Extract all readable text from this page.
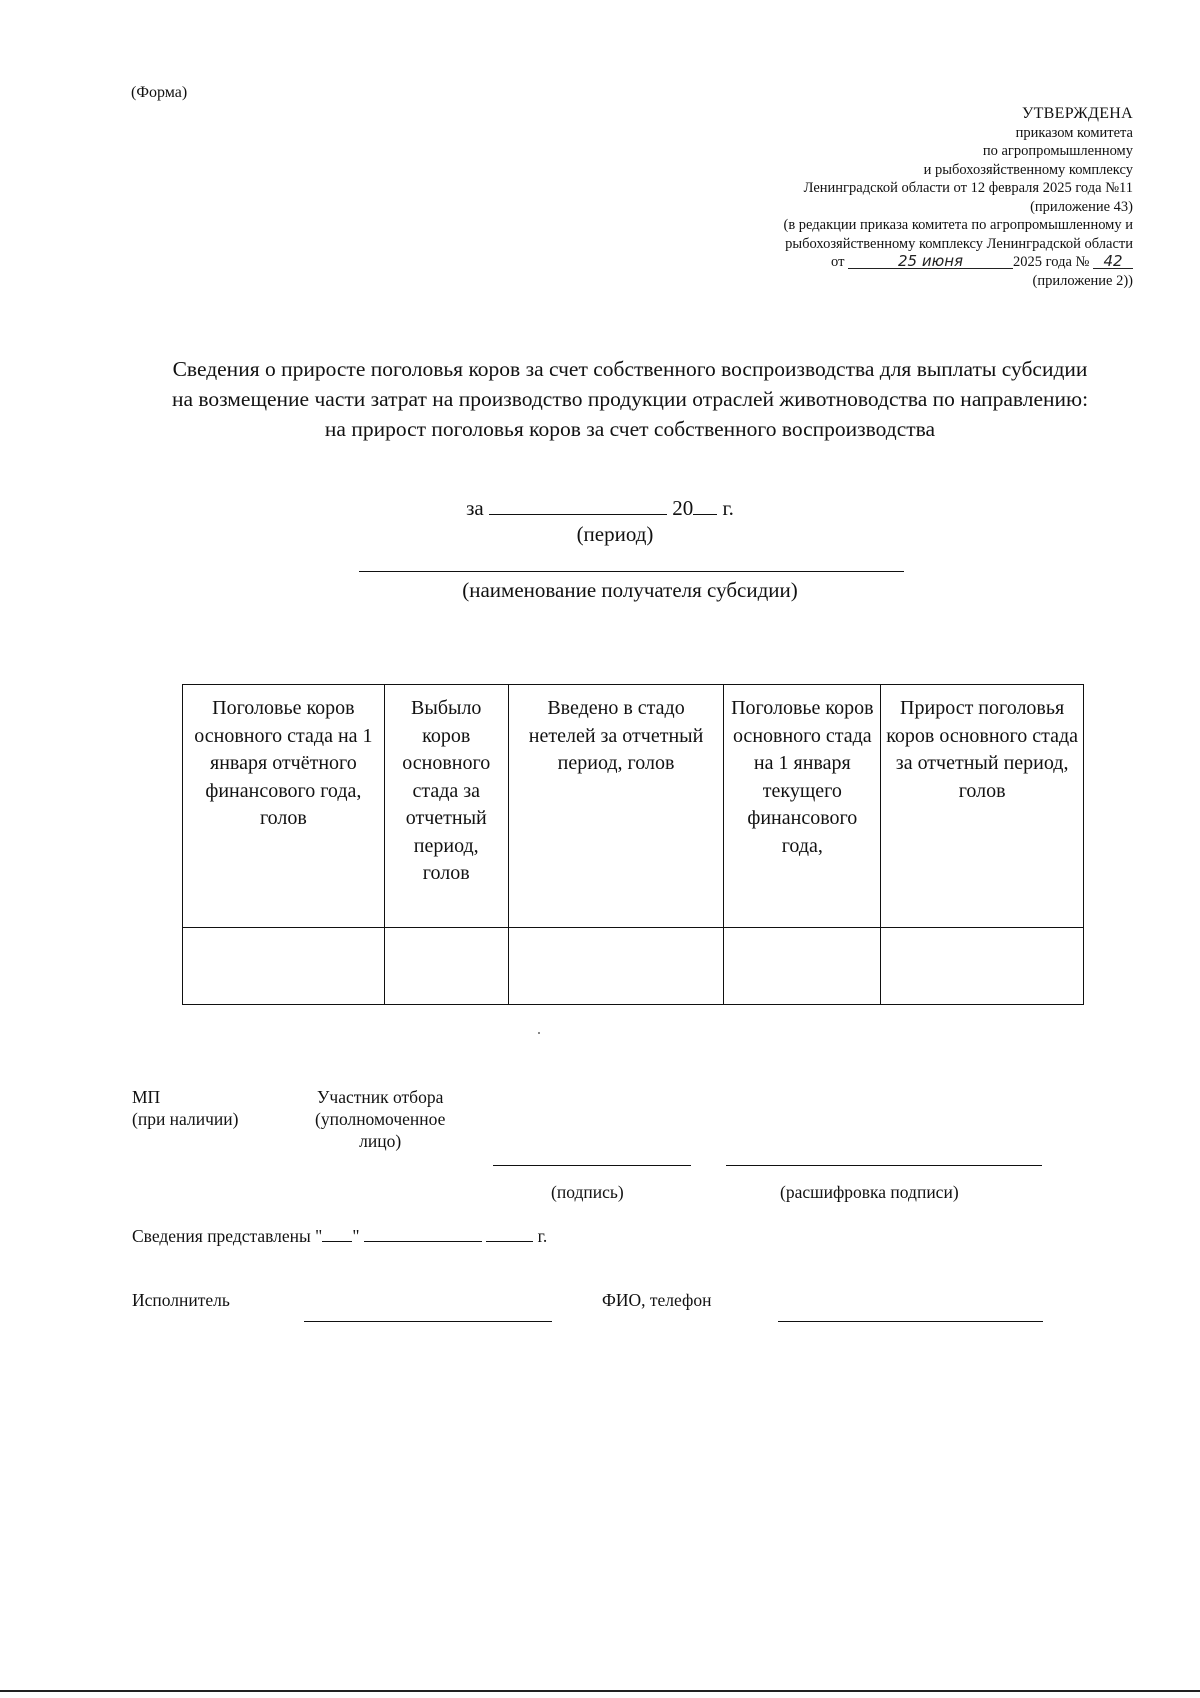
(Форма)
УТВЕРЖДЕНА
приказом комитета
по агропромышленному
и рыбохозяйственному комплексу
Ленинградской области от 12 февраля 2025 года №11
(приложение 43)
(в редакции приказа комитета по агропромышленному и
рыбохозяйственному комплексу Ленинградской области
от	25 июня	2025 года № 42
(приложение 2))
Сведения о приросте поголовья коров за счет собственного воспроизводства для выплаты субсидии на возмещение части затрат на производство продукции отраслей животноводства по направлению: на прирост поголовья коров за счет собственного воспроизводства
за	20 г.
(период)
(наименование получателя субсидии)
Поголовье коров основного стада на 1 января отчётного финансового года, голов	Выбыло коров основного стада за отчетный период, голов	Введено в стадо нетелей за отчетный период, голов	Поголовье коров основного стада на 1 января текущего финансового года,	Прирост поголовья коров основного стада за отчетный период, голов

МП
(при наличии)
Участник отбора
(уполномоченное
лицо)
(подпись)	(расшифровка подписи)
Сведения представлены " "	г.
Исполнитель	ФИО, телефон
